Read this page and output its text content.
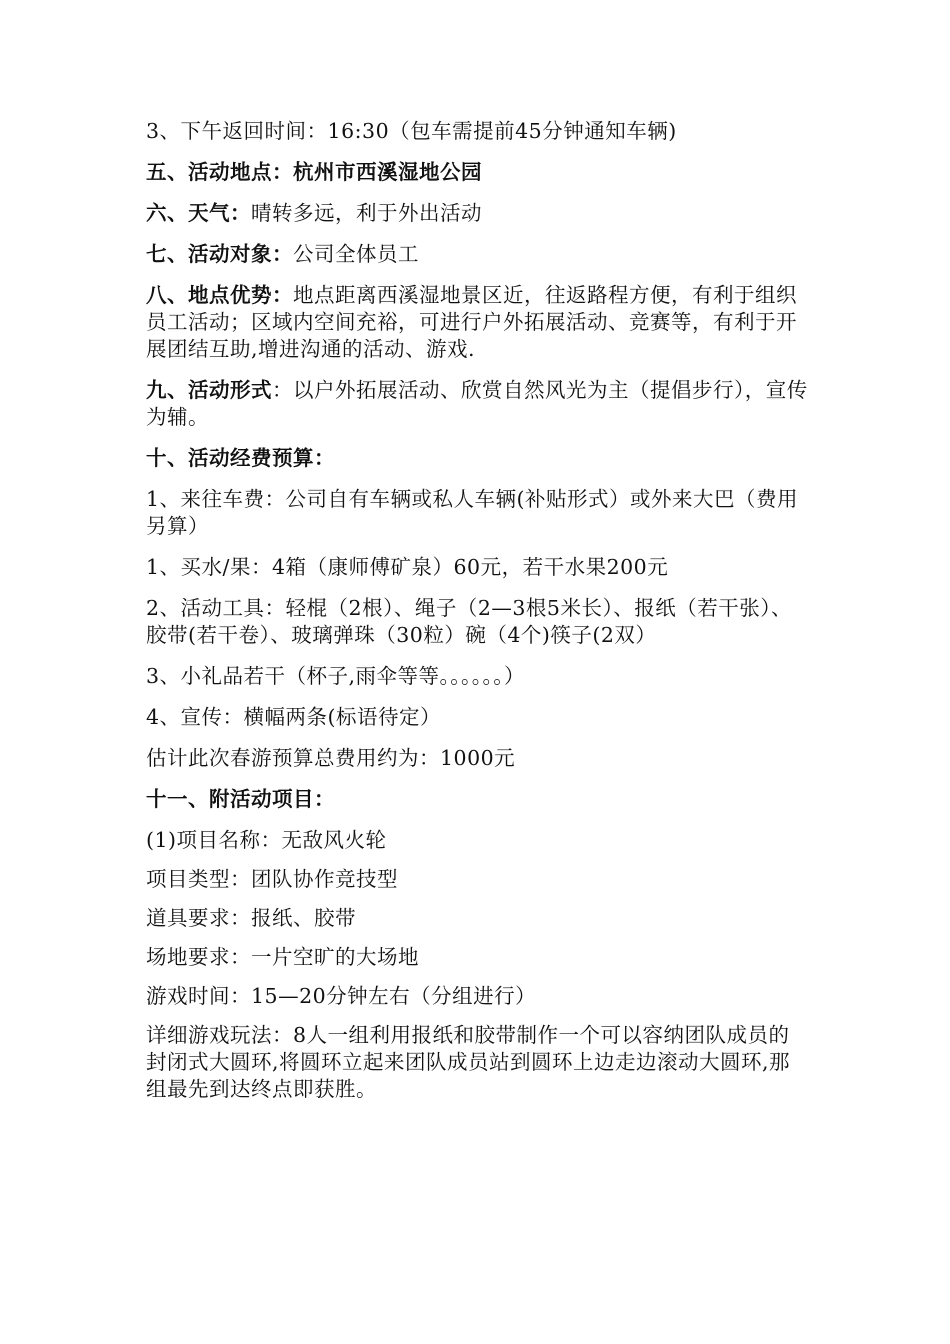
3、下午返回时间：16:30（包车需提前45分钟通知车辆)

五、活动地点：杭州市西溪湿地公园

六、天气：晴转多远，利于外出活动

七、活动对象：公司全体员工

八、地点优势：地点距离西溪湿地景区近，往返路程方便，有利于组织员工活动；区域内空间充裕，可进行户外拓展活动、竞赛等，有利于开展团结互助,增进沟通的活动、游戏.

九、活动形式：以户外拓展活动、欣赏自然风光为主（提倡步行），宣传为辅。

十、活动经费预算：

1、来往车费：公司自有车辆或私人车辆(补贴形式）或外来大巴（费用另算）

1、买水/果：4箱（康师傅矿泉）60元，若干水果200元

2、活动工具：轻棍（2根）、绳子（2—3根5米长）、报纸（若干张）、胶带(若干卷）、玻璃弹珠（30粒）碗（4个)筷子(2双）

3、小礼品若干（杯子,雨伞等等。。。。。。）

4、宣传：横幅两条(标语待定）

估计此次春游预算总费用约为：1000元

十一、附活动项目：

(1)项目名称：无敌风火轮

项目类型：团队协作竞技型

道具要求：报纸、胶带

场地要求：一片空旷的大场地

游戏时间：15—20分钟左右（分组进行）

详细游戏玩法：8人一组利用报纸和胶带制作一个可以容纳团队成员的封闭式大圆环,将圆环立起来团队成员站到圆环上边走边滚动大圆环,那组最先到达终点即获胜。
